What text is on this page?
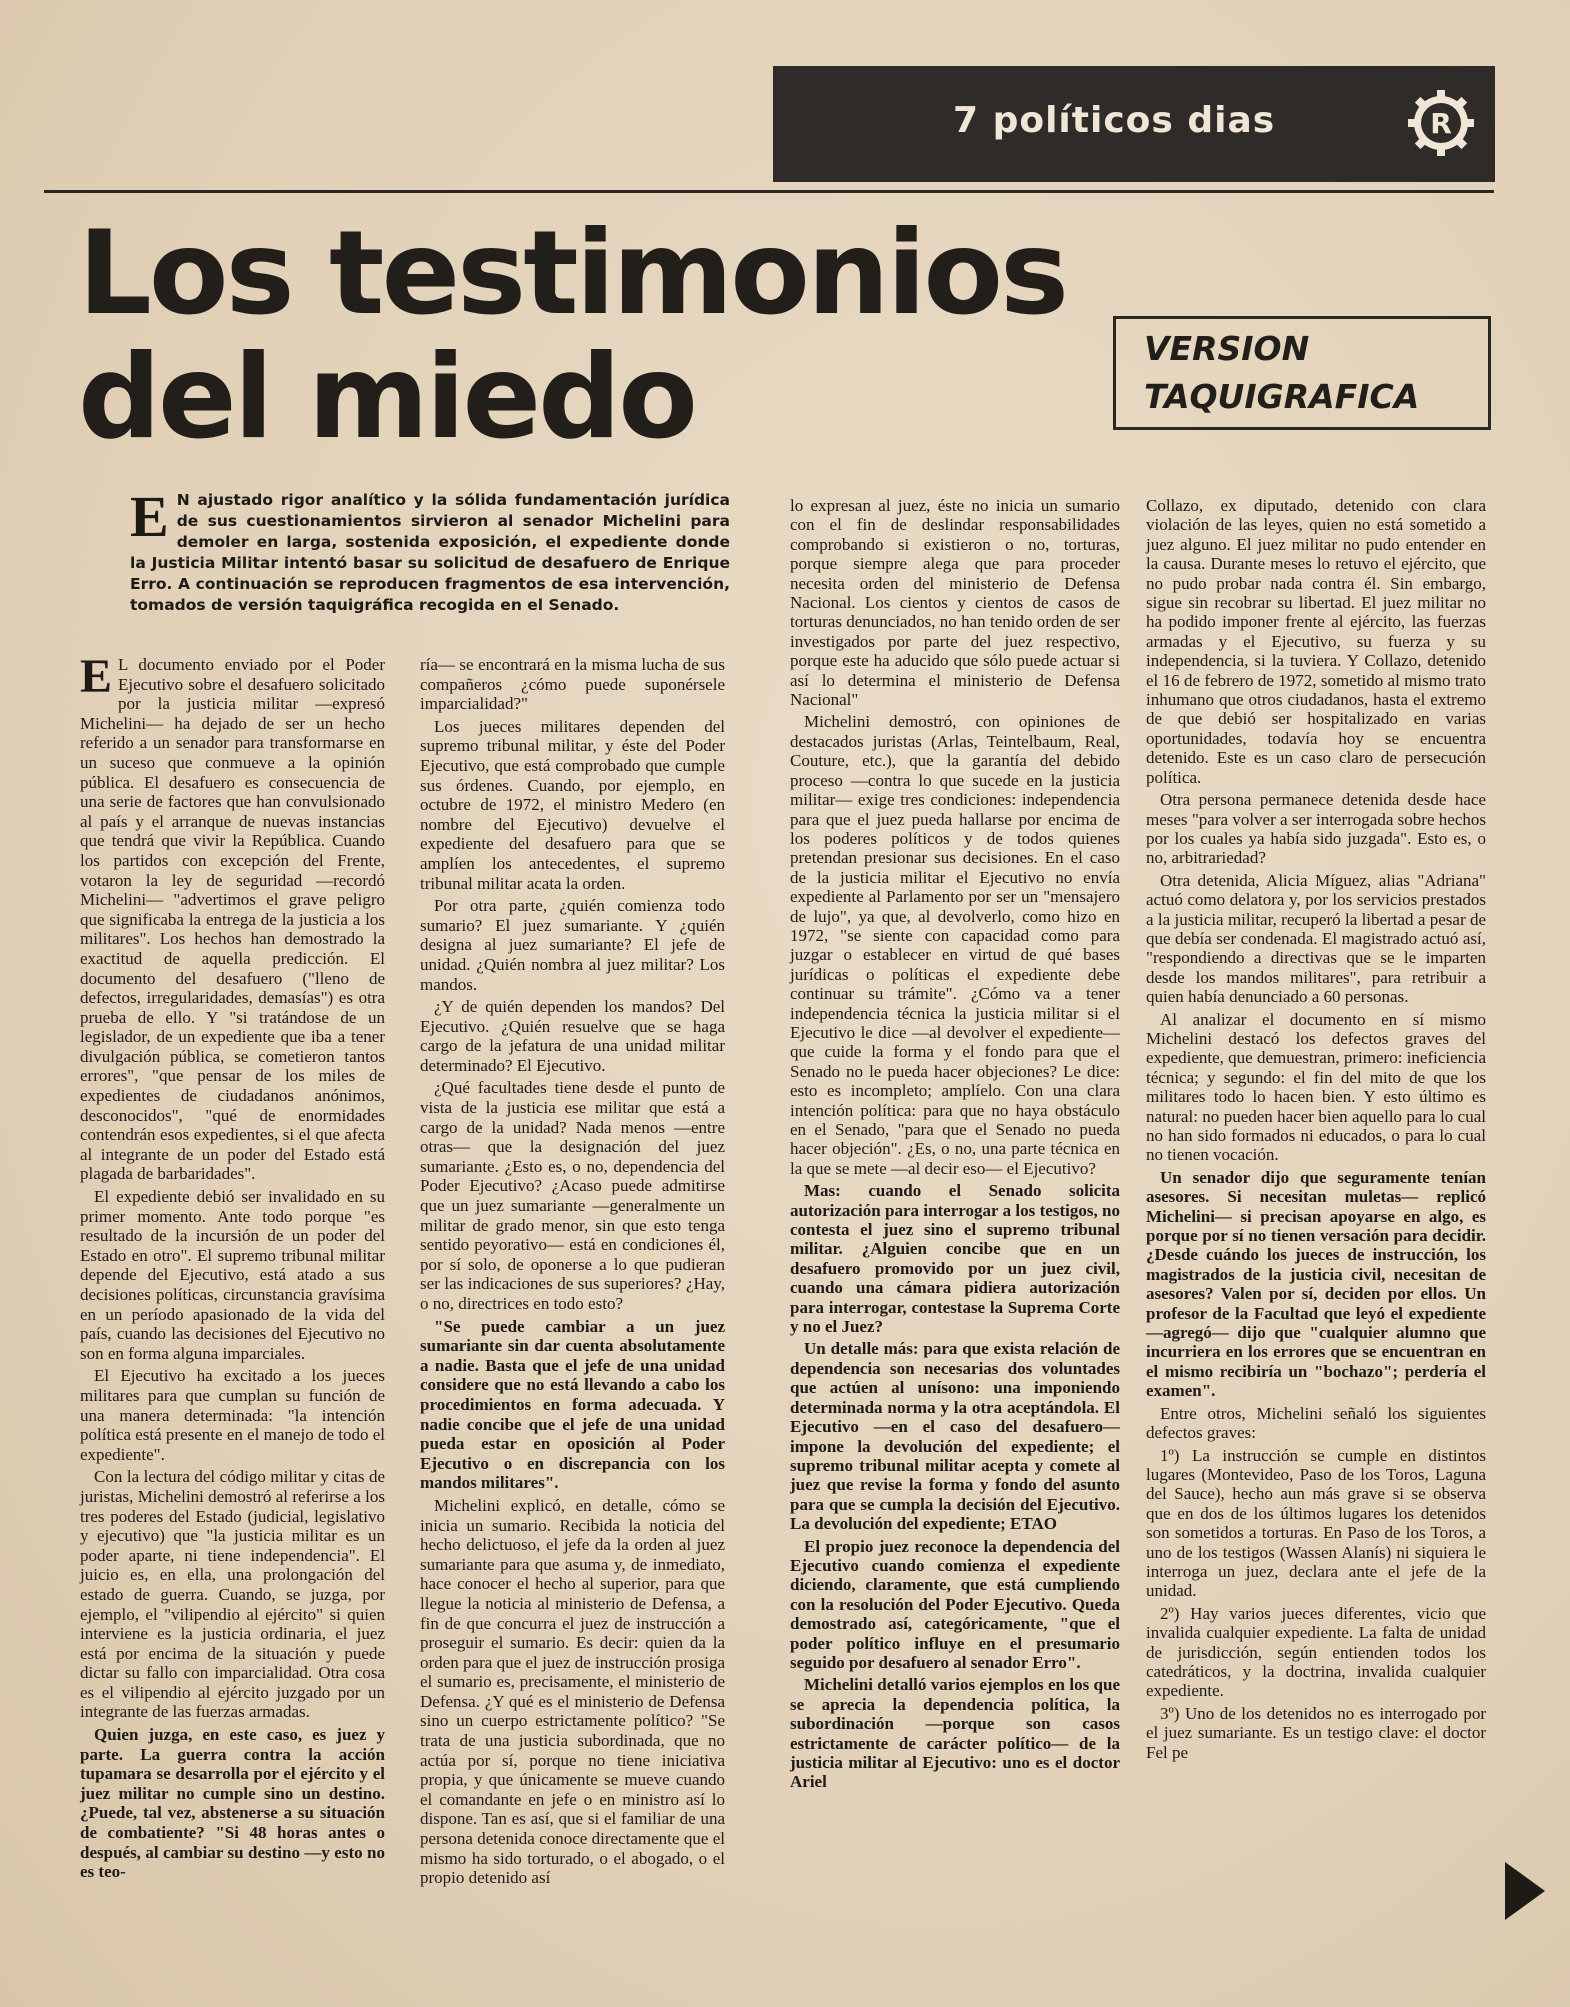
7 políticos dias	R
Los testimonios
del miedo	VERSION
TAQUIGRAFICA

E N ajustado rigor analítico y la sólida fundamentación jurídica de sus cuestionamientos sirvieron al senador Michelini para demoler en larga, sostenida exposición, el expediente donde la Justicia Militar intentó basar su solicitud de desafuero de Enrique Erro. A continuación se reproducen fragmentos de esa intervención, tomados de versión taquigráfica recogida en el Senado.

E L documento enviado por el Poder Ejecutivo sobre el desafuero solicitado por la justicia militar —expresó Michelini— ha dejado de ser un hecho referido a un senador para transformarse en un suceso que conmueve a la opinión pública. El desafuero es consecuencia de una serie de factores que han convulsionado al país y el arranque de nuevas instancias que tendrá que vivir la República. Cuando los partidos con excepción del Frente, votaron la ley de seguridad —recordó Michelini— "advertimos el grave peligro que significaba la entrega de la justicia a los militares". Los hechos han demostrado la exactitud de aquella predicción. El documento del desafuero ("lleno de defectos, irregularidades, demasías") es otra prueba de ello. Y "si tratándose de un legislador, de un expediente que iba a tener divulgación pública, se cometieron tantos errores", "que pensar de los miles de expedientes de ciudadanos anónimos, desconocidos", "qué de enormidades contendrán esos expedientes, si el que afecta al integrante de un poder del Estado está plagada de barbaridades".

El expediente debió ser invalidado en su primer momento. Ante todo porque "es resultado de la incursión de un poder del Estado en otro". El supremo tribunal militar depende del Ejecutivo, está atado a sus decisiones políticas, circunstancia gravísima en un período apasionado de la vida del país, cuando las decisiones del Ejecutivo no son en forma alguna imparciales.

El Ejecutivo ha excitado a los jueces militares para que cumplan su función de una manera determinada: "la intención política está presente en el manejo de todo el expediente".

Con la lectura del código militar y citas de juristas, Michelini demostró al referirse a los tres poderes del Estado (judicial, legislativo y ejecutivo) que "la justicia militar es un poder aparte, ni tiene independencia". El juicio es, en ella, una prolongación del estado de guerra. Cuando, se juzga, por ejemplo, el "vilipendio al ejército" si quien interviene es la justicia ordinaria, el juez está por encima de la situación y puede dictar su fallo con imparcialidad. Otra cosa es el vilipendio al ejército juzgado por un integrante de las fuerzas armadas.

Quien juzga, en este caso, es juez y parte. La guerra contra la acción tupamara se desarrolla por el ejército y el juez militar no cumple sino un destino. ¿Puede, tal vez, abstenerse a su situación de combatiente? "Si 48 horas antes o después, al cambiar su destino —y esto no es teo-

ría— se encontrará en la misma lucha de sus compañeros ¿cómo puede suponérsele imparcialidad?"

Los jueces militares dependen del supremo tribunal militar, y éste del Poder Ejecutivo, que está comprobado que cumple sus órdenes. Cuando, por ejemplo, en octubre de 1972, el ministro Medero (en nombre del Ejecutivo) devuelve el expediente del desafuero para que se amplíen los antecedentes, el supremo tribunal militar acata la orden.

Por otra parte, ¿quién comienza todo sumario? El juez sumariante. Y ¿quién designa al juez sumariante? El jefe de unidad. ¿Quién nombra al juez militar? Los mandos.

¿Y de quién dependen los mandos? Del Ejecutivo. ¿Quién resuelve que se haga cargo de la jefatura de una unidad militar determinado? El Ejecutivo.

¿Qué facultades tiene desde el punto de vista de la justicia ese militar que está a cargo de la unidad? Nada menos —entre otras— que la designación del juez sumariante. ¿Esto es, o no, dependencia del Poder Ejecutivo? ¿Acaso puede admitirse que un juez sumariante —generalmente un militar de grado menor, sin que esto tenga sentido peyorativo— está en condiciones él, por sí solo, de oponerse a lo que pudieran ser las indicaciones de sus superiores? ¿Hay, o no, directrices en todo esto?

"Se puede cambiar a un juez sumariante sin dar cuenta absolutamente a nadie. Basta que el jefe de una unidad considere que no está llevando a cabo los procedimientos en forma adecuada. Y nadie concibe que el jefe de una unidad pueda estar en oposición al Poder Ejecutivo o en discrepancia con los mandos militares".

Michelini explicó, en detalle, cómo se inicia un sumario. Recibida la noticia del hecho delictuoso, el jefe da la orden al juez sumariante para que asuma y, de inmediato, hace conocer el hecho al superior, para que llegue la noticia al ministerio de Defensa, a fin de que concurra el juez de instrucción a proseguir el sumario. Es decir: quien da la orden para que el juez de instrucción prosiga el sumario es, precisamente, el ministerio de Defensa. ¿Y qué es el ministerio de Defensa sino un cuerpo estrictamente político? "Se trata de una justicia subordinada, que no actúa por sí, porque no tiene iniciativa propia, y que únicamente se mueve cuando el comandante en jefe o en ministro así lo dispone. Tan es así, que si el familiar de una persona detenida conoce directamente que el mismo ha sido torturado, o el abogado, o el propio detenido así

lo expresan al juez, éste no inicia un sumario con el fin de deslindar responsabilidades comprobando si existieron o no, torturas, porque siempre alega que para proceder necesita orden del ministerio de Defensa Nacional. Los cientos y cientos de casos de torturas denunciados, no han tenido orden de ser investigados por parte del juez respectivo, porque este ha aducido que sólo puede actuar si así lo determina el ministerio de Defensa Nacional"

Michelini demostró, con opiniones de destacados juristas (Arlas, Teintelbaum, Real, Couture, etc.), que la garantía del debido proceso —contra lo que sucede en la justicia militar— exige tres condiciones: independencia para que el juez pueda hallarse por encima de los poderes políticos y de todos quienes pretendan presionar sus decisiones. En el caso de la justicia militar el Ejecutivo no envía expediente al Parlamento por ser un "mensajero de lujo", ya que, al devolverlo, como hizo en 1972, "se siente con capacidad como para juzgar o establecer en virtud de qué bases jurídicas o políticas el expediente debe continuar su trámite". ¿Cómo va a tener independencia técnica la justicia militar si el Ejecutivo le dice —al devolver el expediente— que cuide la forma y el fondo para que el Senado no le pueda hacer objeciones? Le dice: esto es incompleto; amplíelo. Con una clara intención política: para que no haya obstáculo en el Senado, "para que el Senado no pueda hacer objeción". ¿Es, o no, una parte técnica en la que se mete —al decir eso— el Ejecutivo?

Mas: cuando el Senado solicita autorización para interrogar a los testigos, no contesta el juez sino el supremo tribunal militar. ¿Alguien concibe que en un desafuero promovido por un juez civil, cuando una cámara pidiera autorización para interrogar, contestase la Suprema Corte y no el Juez?

Un detalle más: para que exista relación de dependencia son necesarias dos voluntades que actúen al unísono: una imponiendo determinada norma y la otra aceptándola. El Ejecutivo —en el caso del desafuero— impone la devolución del expediente; el supremo tribunal militar acepta y comete al juez que revise la forma y fondo del asunto para que se cumpla la decisión del Ejecutivo. La devolución del expediente; ETAO

El propio juez reconoce la dependencia del Ejecutivo cuando comienza el expediente diciendo, claramente, que está cumpliendo con la resolución del Poder Ejecutivo. Queda demostrado así, categóricamente, "que el poder político influye en el presumario seguido por desafuero al senador Erro".

Michelini detalló varios ejemplos en los que se aprecia la dependencia política, la subordinación —porque son casos estrictamente de carácter político— de la justicia militar al Ejecutivo: uno es el doctor Ariel

Collazo, ex diputado, detenido con clara violación de las leyes, quien no está sometido a juez alguno. El juez militar no pudo entender en la causa. Durante meses lo retuvo el ejército, que no pudo probar nada contra él. Sin embargo, sigue sin recobrar su libertad. El juez militar no ha podido imponer frente al ejército, las fuerzas armadas y el Ejecutivo, su fuerza y su independencia, si la tuviera. Y Collazo, detenido el 16 de febrero de 1972, sometido al mismo trato inhumano que otros ciudadanos, hasta el extremo de que debió ser hospitalizado en varias oportunidades, todavía hoy se encuentra detenido. Este es un caso claro de persecución política.

Otra persona permanece detenida desde hace meses "para volver a ser interrogada sobre hechos por los cuales ya había sido juzgada". Esto es, o no, arbitrariedad?

Otra detenida, Alicia Míguez, alias "Adriana" actuó como delatora y, por los servicios prestados a la justicia militar, recuperó la libertad a pesar de que debía ser condenada. El magistrado actuó así, "respondiendo a directivas que se le imparten desde los mandos militares", para retribuir a quien había denunciado a 60 personas.

Al analizar el documento en sí mismo Michelini destacó los defectos graves del expediente, que demuestran, primero: ineficiencia técnica; y segundo: el fin del mito de que los militares todo lo hacen bien. Y esto último es natural: no pueden hacer bien aquello para lo cual no han sido formados ni educados, o para lo cual no tienen vocación.

Un senador dijo que seguramente tenían asesores. Si necesitan muletas— replicó Michelini— si precisan apoyarse en algo, es porque por sí no tienen versación para decidir. ¿Desde cuándo los jueces de instrucción, los magistrados de la justicia civil, necesitan de asesores? Valen por sí, deciden por ellos. Un profesor de la Facultad que leyó el expediente —agregó— dijo que "cualquier alumno que incurriera en los errores que se encuentran en el mismo recibiría un "bochazo"; perdería el examen".

Entre otros, Michelini señaló los siguientes defectos graves:

1º) La instrucción se cumple en distintos lugares (Montevideo, Paso de los Toros, Laguna del Sauce), hecho aun más grave si se observa que en dos de los últimos lugares los detenidos son sometidos a torturas. En Paso de los Toros, a uno de los testigos (Wassen Alanís) ni siquiera le interroga un juez, declara ante el jefe de la unidad.

2º) Hay varios jueces diferentes, vicio que invalida cualquier expediente. La falta de unidad de jurisdicción, según entienden todos los catedráticos, y la doctrina, invalida cualquier expediente.

3º) Uno de los detenidos no es interrogado por el juez sumariante. Es un testigo clave: el doctor Fel pe
